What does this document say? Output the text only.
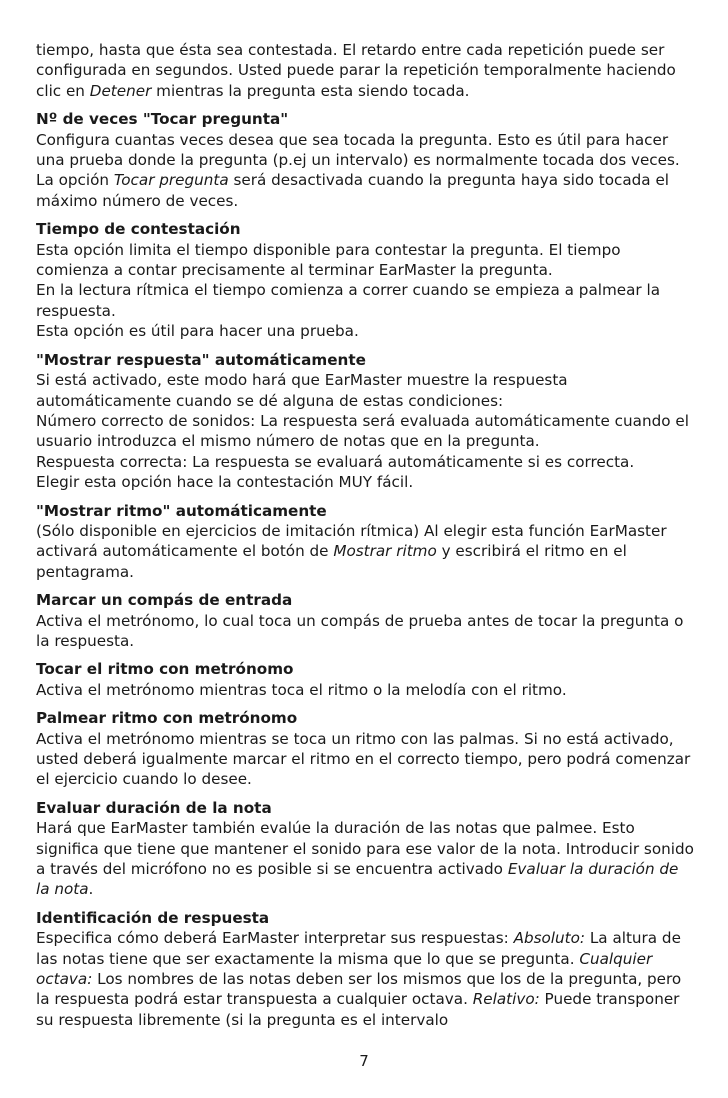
tiempo, hasta que ésta sea contestada. El retardo entre cada repetición puede ser configurada en segundos. Usted puede parar la repetición temporalmente haciendo clic en Detener mientras la pregunta esta siendo tocada.

Nº de veces "Tocar pregunta"

Configura cuantas veces desea que sea tocada la pregunta. Esto es útil para hacer una prueba donde la pregunta (p.ej un intervalo) es normalmente tocada dos veces. La opción Tocar pregunta será desactivada cuando la pregunta haya sido tocada el máximo número de veces.

Tiempo de contestación

Esta opción limita el tiempo disponible para contestar la pregunta. El tiempo comienza a contar precisamente al terminar EarMaster la pregunta.

En la lectura rítmica el tiempo comienza a correr cuando se empieza a palmear la respuesta.

Esta opción es útil para hacer una prueba.

"Mostrar respuesta" automáticamente

Si está activado, este modo hará que EarMaster muestre la respuesta automáticamente cuando se dé alguna de estas condiciones:

Número correcto de sonidos: La respuesta será evaluada automáticamente cuando el usuario introduzca el mismo número de notas que en la pregunta.

Respuesta correcta: La respuesta se evaluará automáticamente si es correcta.

Elegir esta opción hace la contestación MUY fácil.

"Mostrar ritmo" automáticamente

(Sólo disponible en ejercicios de imitación rítmica) Al elegir esta función EarMaster activará automáticamente el botón de Mostrar ritmo y escribirá el ritmo en el pentagrama.

Marcar un compás de entrada

Activa el metrónomo, lo cual toca un compás de prueba antes de tocar la pregunta o la respuesta.

Tocar el ritmo con metrónomo

Activa el metrónomo mientras toca el ritmo o la melodía con el ritmo.

Palmear ritmo con metrónomo

Activa el metrónomo mientras se toca un ritmo con las palmas. Si no está activado, usted deberá igualmente marcar el ritmo en el correcto tiempo, pero podrá comenzar el ejercicio cuando lo desee.

Evaluar duración de la nota

Hará que EarMaster también evalúe la duración de las notas que palmee. Esto significa que tiene que mantener el sonido para ese valor de la nota. Introducir sonido a través del micrófono no es posible si se encuentra activado Evaluar la duración de la nota.

Identificación de respuesta

Especifica cómo deberá EarMaster interpretar sus respuestas: Absoluto: La altura de las notas tiene que ser exactamente la misma que lo que se pregunta. Cualquier octava: Los nombres de las notas deben ser los mismos que los de la pregunta, pero la respuesta podrá estar transpuesta a cualquier octava. Relativo: Puede transponer su respuesta libremente (si la pregunta es el intervalo

7
